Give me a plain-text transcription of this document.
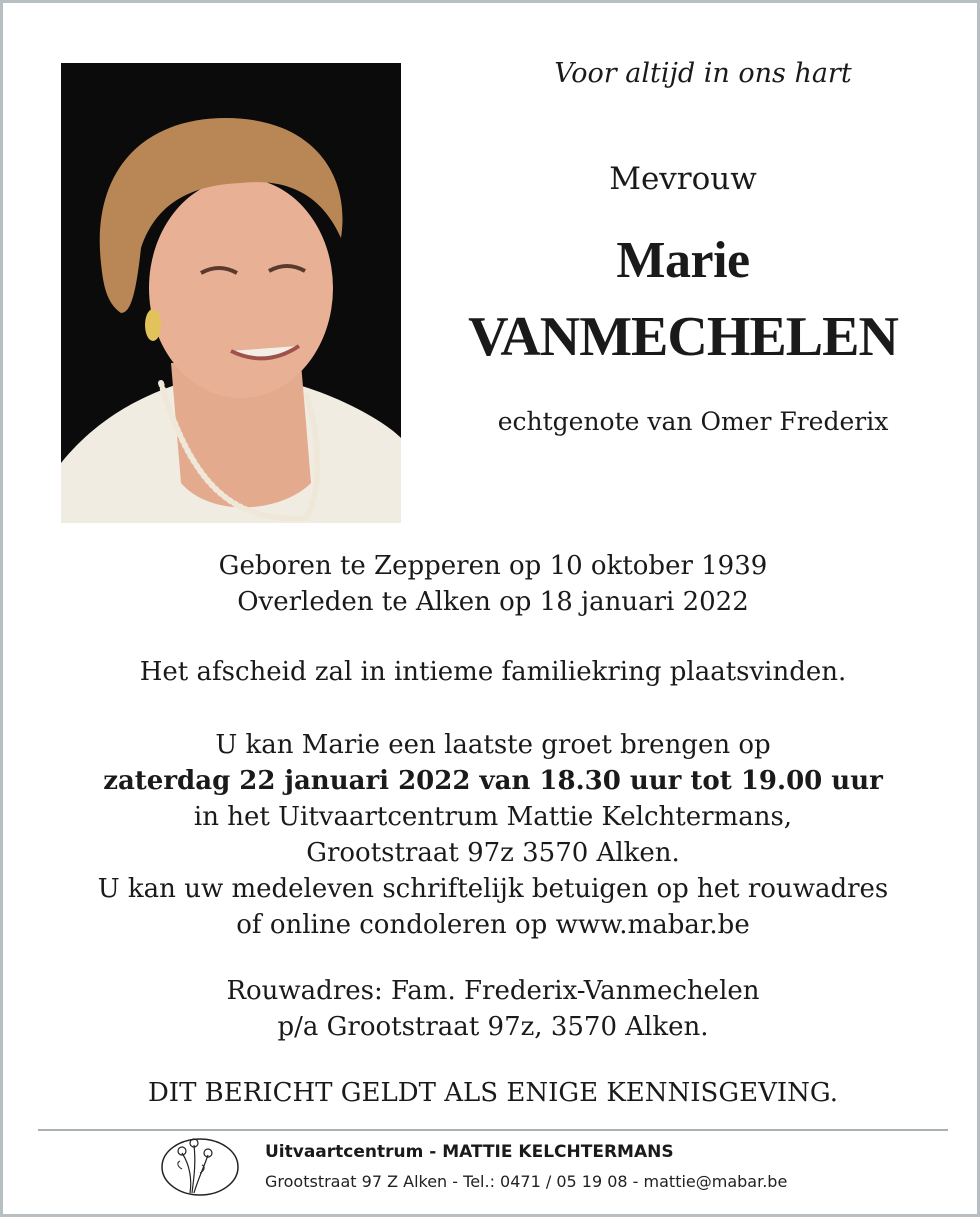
Voor altijd in ons hart
Mevrouw
Marie
VANMECHELEN
echtgenote van Omer Frederix
Geboren te Zepperen op 10 oktober 1939
Overleden te Alken op 18 januari 2022
Het afscheid zal in intieme familiekring plaatsvinden.
U kan Marie een laatste groet brengen op
zaterdag 22 januari 2022 van 18.30 uur tot 19.00 uur
in het Uitvaartcentrum Mattie Kelchtermans,
Grootstraat 97z 3570 Alken.
U kan uw medeleven schriftelijk betuigen op het rouwadres
of online condoleren op www.mabar.be
Rouwadres: Fam. Frederix-Vanmechelen
p/a Grootstraat 97z, 3570 Alken.
DIT BERICHT GELDT ALS ENIGE KENNISGEVING.
Uitvaartcentrum - MATTIE KELCHTERMANS
Grootstraat 97 Z Alken - Tel.: 0471 / 05 19 08 - mattie@mabar.be
